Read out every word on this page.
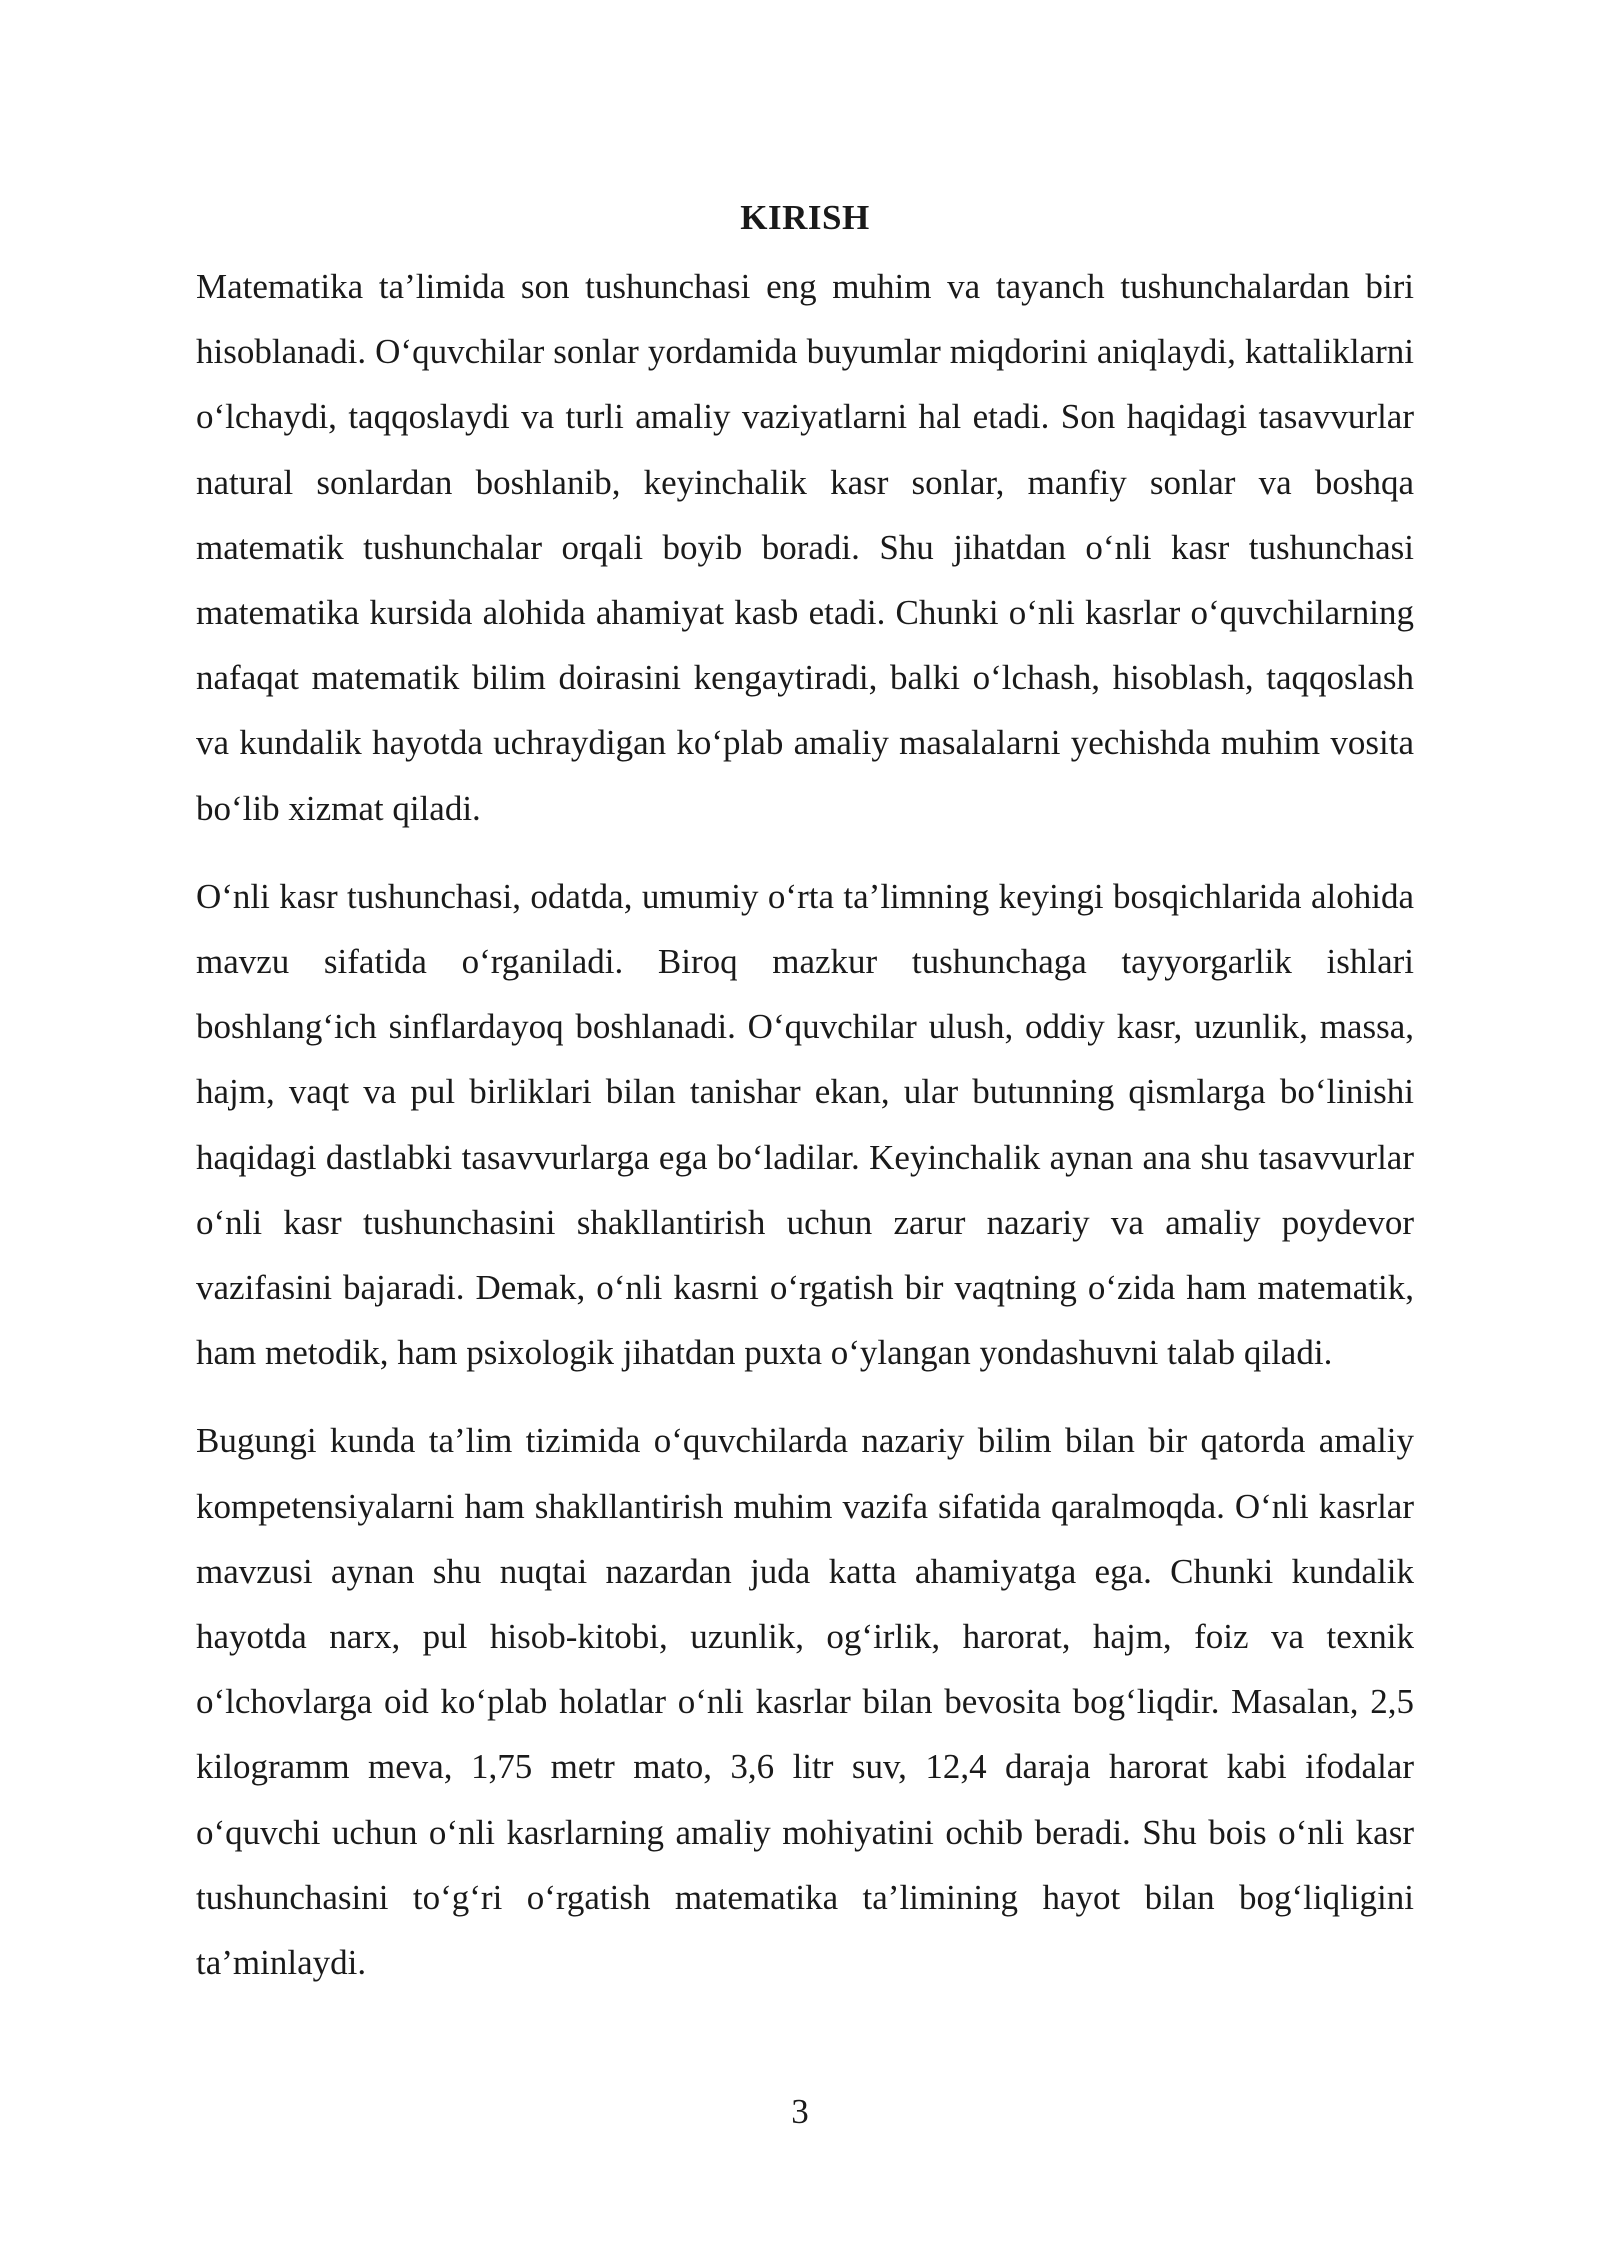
KIRISH

Matematika ta’limida son tushunchasi eng muhim va tayanch tushunchalardan biri hisoblanadi. O‘quvchilar sonlar yordamida buyumlar miqdorini aniqlaydi, kattaliklarni o‘lchaydi, taqqoslaydi va turli amaliy vaziyatlarni hal etadi. Son haqidagi tasavvurlar natural sonlardan boshlanib, keyinchalik kasr sonlar, manfiy sonlar va boshqa matematik tushunchalar orqali boyib boradi. Shu jihatdan o‘nli kasr tushunchasi matematika kursida alohida ahamiyat kasb etadi. Chunki o‘nli kasrlar o‘quvchilarning nafaqat matematik bilim doirasini kengaytiradi, balki o‘lchash, hisoblash, taqqoslash va kundalik hayotda uchraydigan ko‘plab amaliy masalalarni yechishda muhim vosita bo‘lib xizmat qiladi.

O‘nli kasr tushunchasi, odatda, umumiy o‘rta ta’limning keyingi bosqichlarida alohida mavzu sifatida o‘rganiladi. Biroq mazkur tushunchaga tayyorgarlik ishlari boshlang‘ich sinflardayoq boshlanadi. O‘quvchilar ulush, oddiy kasr, uzunlik, massa, hajm, vaqt va pul birliklari bilan tanishar ekan, ular butunning qismlarga bo‘linishi haqidagi dastlabki tasavvurlarga ega bo‘ladilar. Keyinchalik aynan ana shu tasavvurlar o‘nli kasr tushunchasini shakllantirish uchun zarur nazariy va amaliy poydevor vazifasini bajaradi. Demak, o‘nli kasrni o‘rgatish bir vaqtning o‘zida ham matematik, ham metodik, ham psixologik jihatdan puxta o‘ylangan yondashuvni talab qiladi.

Bugungi kunda ta’lim tizimida o‘quvchilarda nazariy bilim bilan bir qatorda amaliy kompetensiyalarni ham shakllantirish muhim vazifa sifatida qaralmoqda. O‘nli kasrlar mavzusi aynan shu nuqtai nazardan juda katta ahamiyatga ega. Chunki kundalik hayotda narx, pul hisob-kitobi, uzunlik, og‘irlik, harorat, hajm, foiz va texnik o‘lchovlarga oid ko‘plab holatlar o‘nli kasrlar bilan bevosita bog‘liqdir. Masalan, 2,5 kilogramm meva, 1,75 metr mato, 3,6 litr suv, 12,4 daraja harorat kabi ifodalar o‘quvchi uchun o‘nli kasrlarning amaliy mohiyatini ochib beradi. Shu bois o‘nli kasr tushunchasini to‘g‘ri o‘rgatish matematika ta’limining hayot bilan bog‘liqligini ta’minlaydi.

3
